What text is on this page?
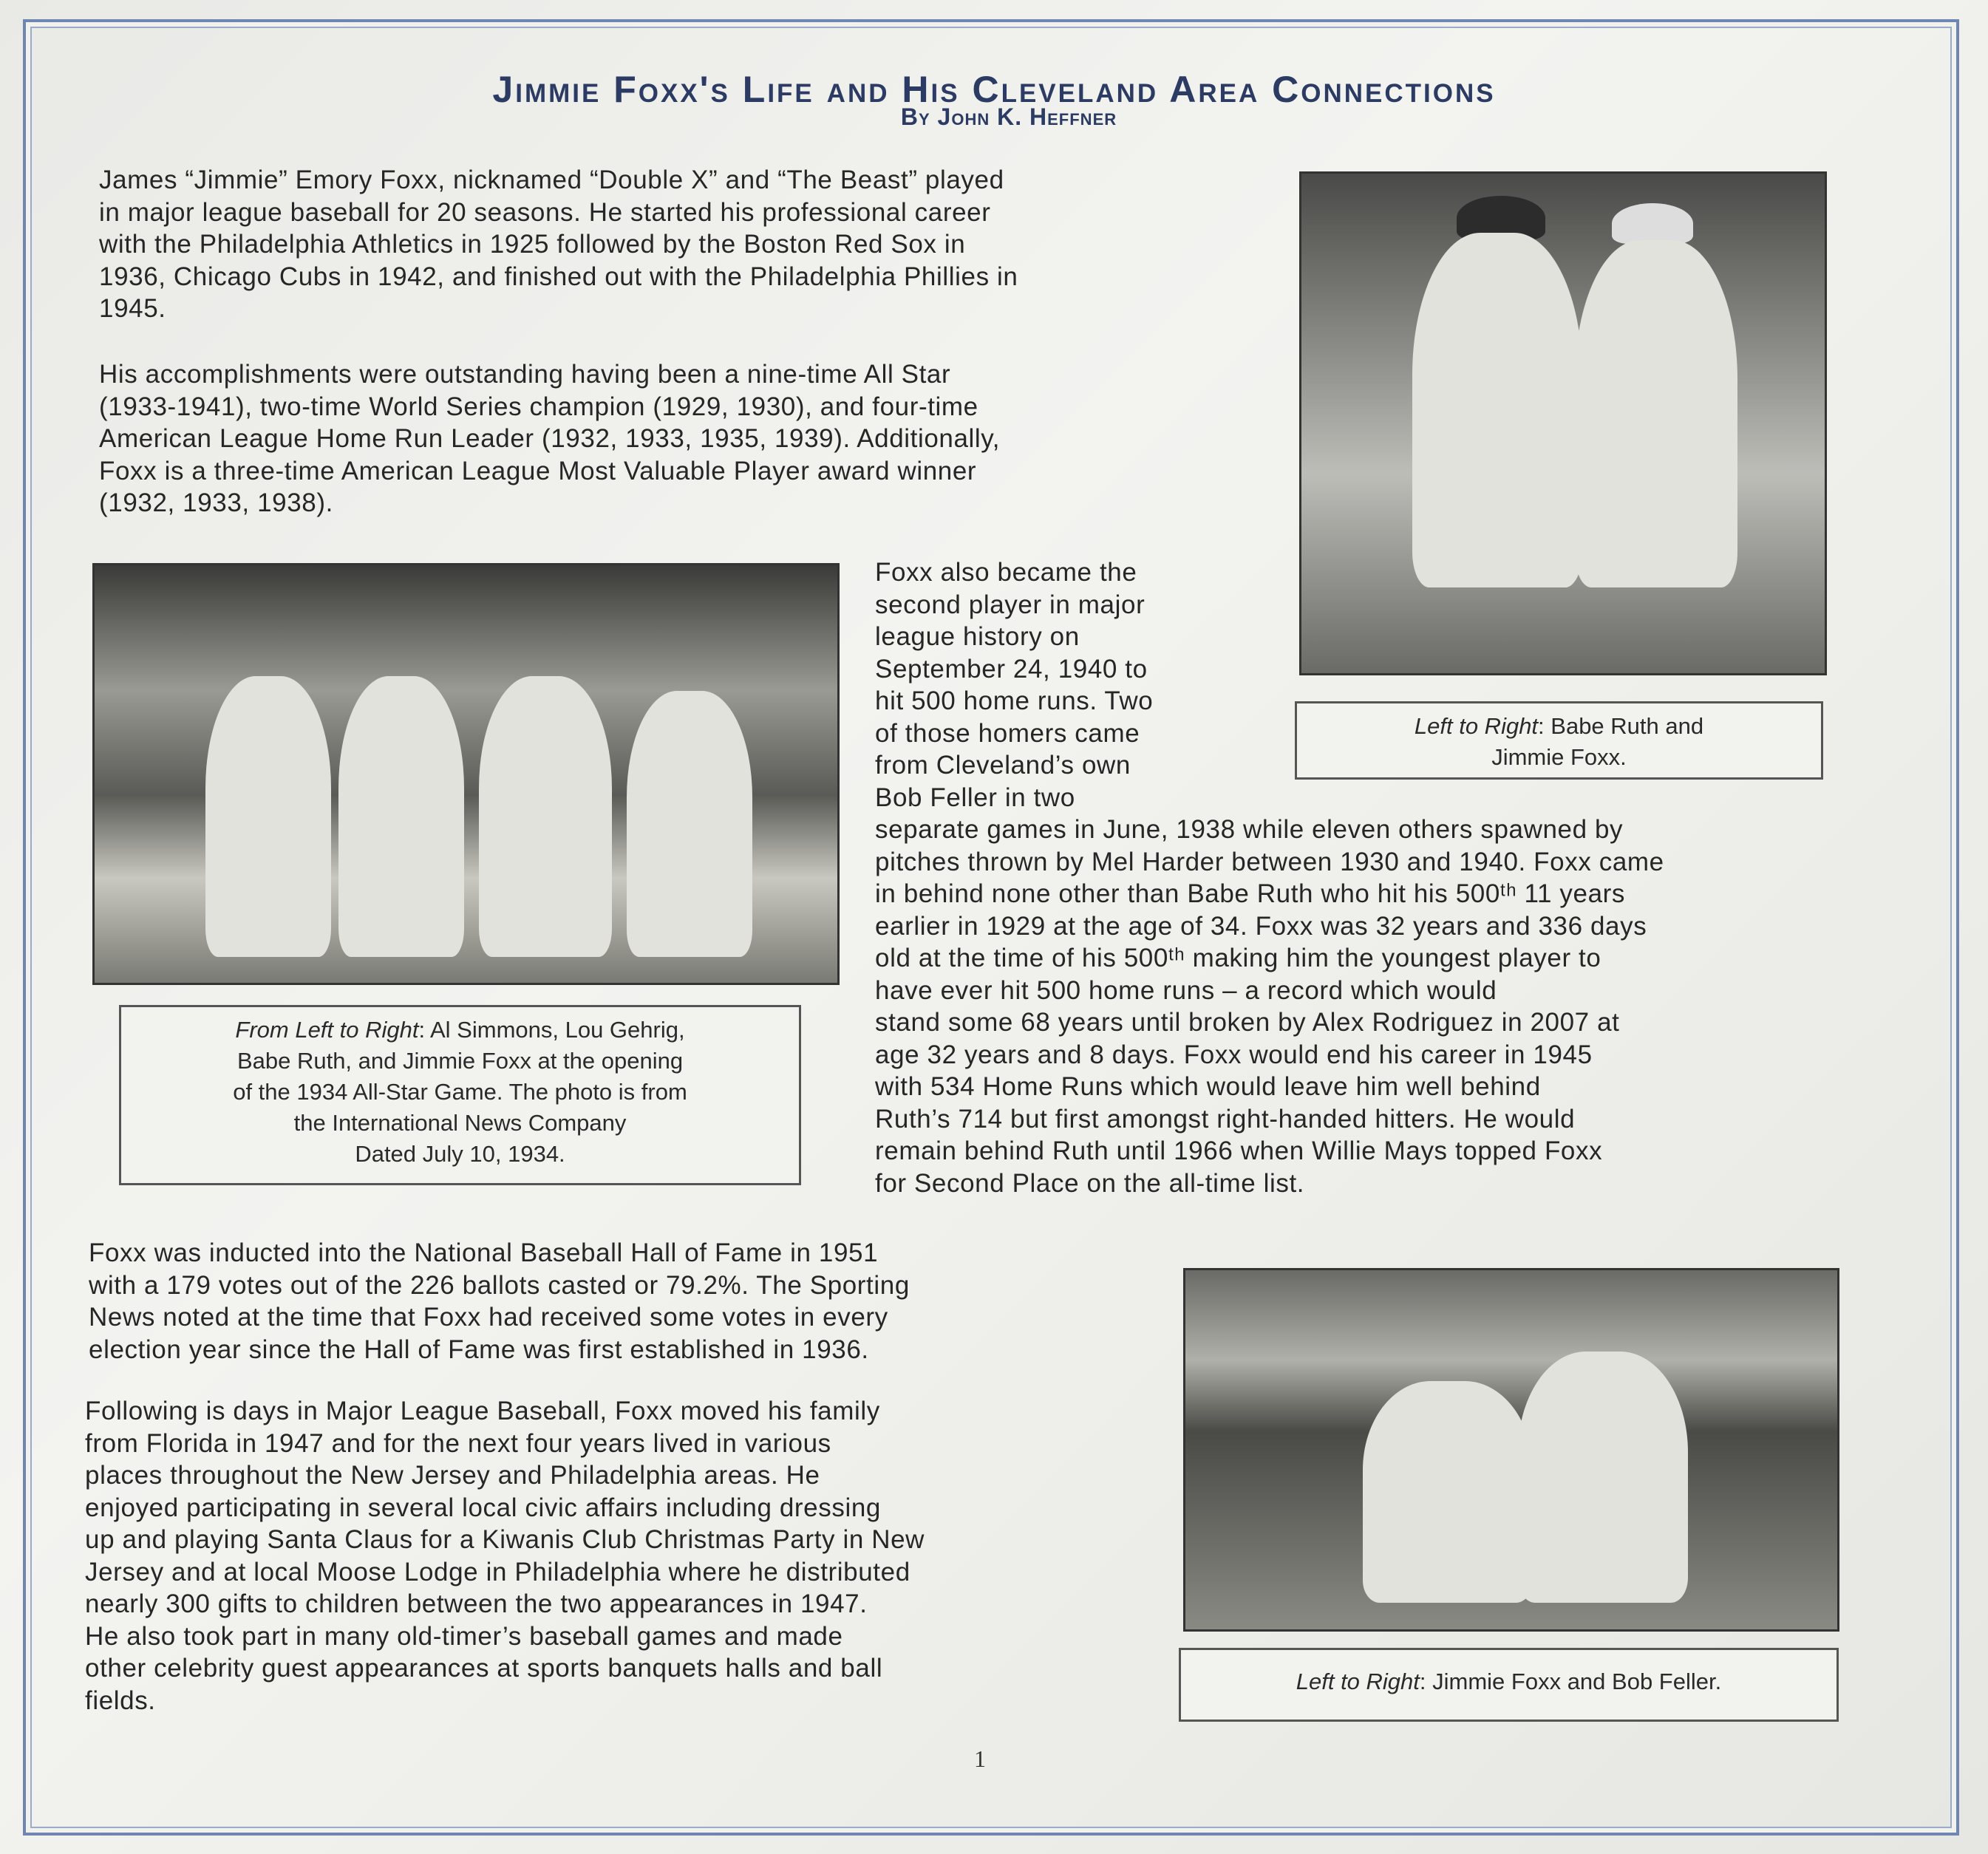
Jimmie Foxx's Life and His Cleveland Area Connections
By John K. Heffner
James “Jimmie” Emory Foxx, nicknamed “Double X” and “The Beast” played
in major league baseball for 20 seasons. He started his professional career
with the Philadelphia Athletics in 1925 followed by the Boston Red Sox in
1936, Chicago Cubs in 1942, and finished out with the Philadelphia Phillies in
1945.
His accomplishments were outstanding having been a nine-time All Star
(1933-1941), two-time World Series champion (1929, 1930), and four-time
American League Home Run Leader (1932, 1933, 1935, 1939). Additionally,
Foxx is a three-time American League Most Valuable Player award winner
(1932, 1933, 1938).
Foxx also became the
second player in major
league history on
September 24, 1940 to
hit 500 home runs. Two
of those homers came
from Cleveland’s own
Bob Feller in two
separate games in June, 1938 while eleven others spawned by
pitches thrown by Mel Harder between 1930 and 1940. Foxx came
in behind none other than Babe Ruth who hit his 500ᵗʰ 11 years
earlier in 1929 at the age of 34. Foxx was 32 years and 336 days
old at the time of his 500ᵗʰ making him the youngest player to
have ever hit 500 home runs – a record which would
stand some 68 years until broken by Alex Rodriguez in 2007 at
age 32 years and 8 days. Foxx would end his career in 1945
with 534 Home Runs which would leave him well behind
Ruth’s 714 but first amongst right-handed hitters. He would
remain behind Ruth until 1966 when Willie Mays topped Foxx
for Second Place on the all-time list.
Foxx was inducted into the National Baseball Hall of Fame in 1951
with a 179 votes out of the 226 ballots casted or 79.2%. The Sporting
News noted at the time that Foxx had received some votes in every
election year since the Hall of Fame was first established in 1936.
Following is days in Major League Baseball, Foxx moved his family
from Florida in 1947 and for the next four years lived in various
places throughout the New Jersey and Philadelphia areas. He
enjoyed participating in several local civic affairs including dressing
up and playing Santa Claus for a Kiwanis Club Christmas Party in New
Jersey and at local Moose Lodge in Philadelphia where he distributed
nearly 300 gifts to children between the two appearances in 1947.
He also took part in many old-timer’s baseball games and made
other celebrity guest appearances at sports banquets halls and ball
fields.
Left to Right: Babe Ruth and
Jimmie Foxx.
From Left to Right: Al Simmons, Lou Gehrig,
Babe Ruth, and Jimmie Foxx at the opening
of the 1934 All-Star Game. The photo is from
the International News Company
Dated July 10, 1934.
Left to Right: Jimmie Foxx and Bob Feller.
1
